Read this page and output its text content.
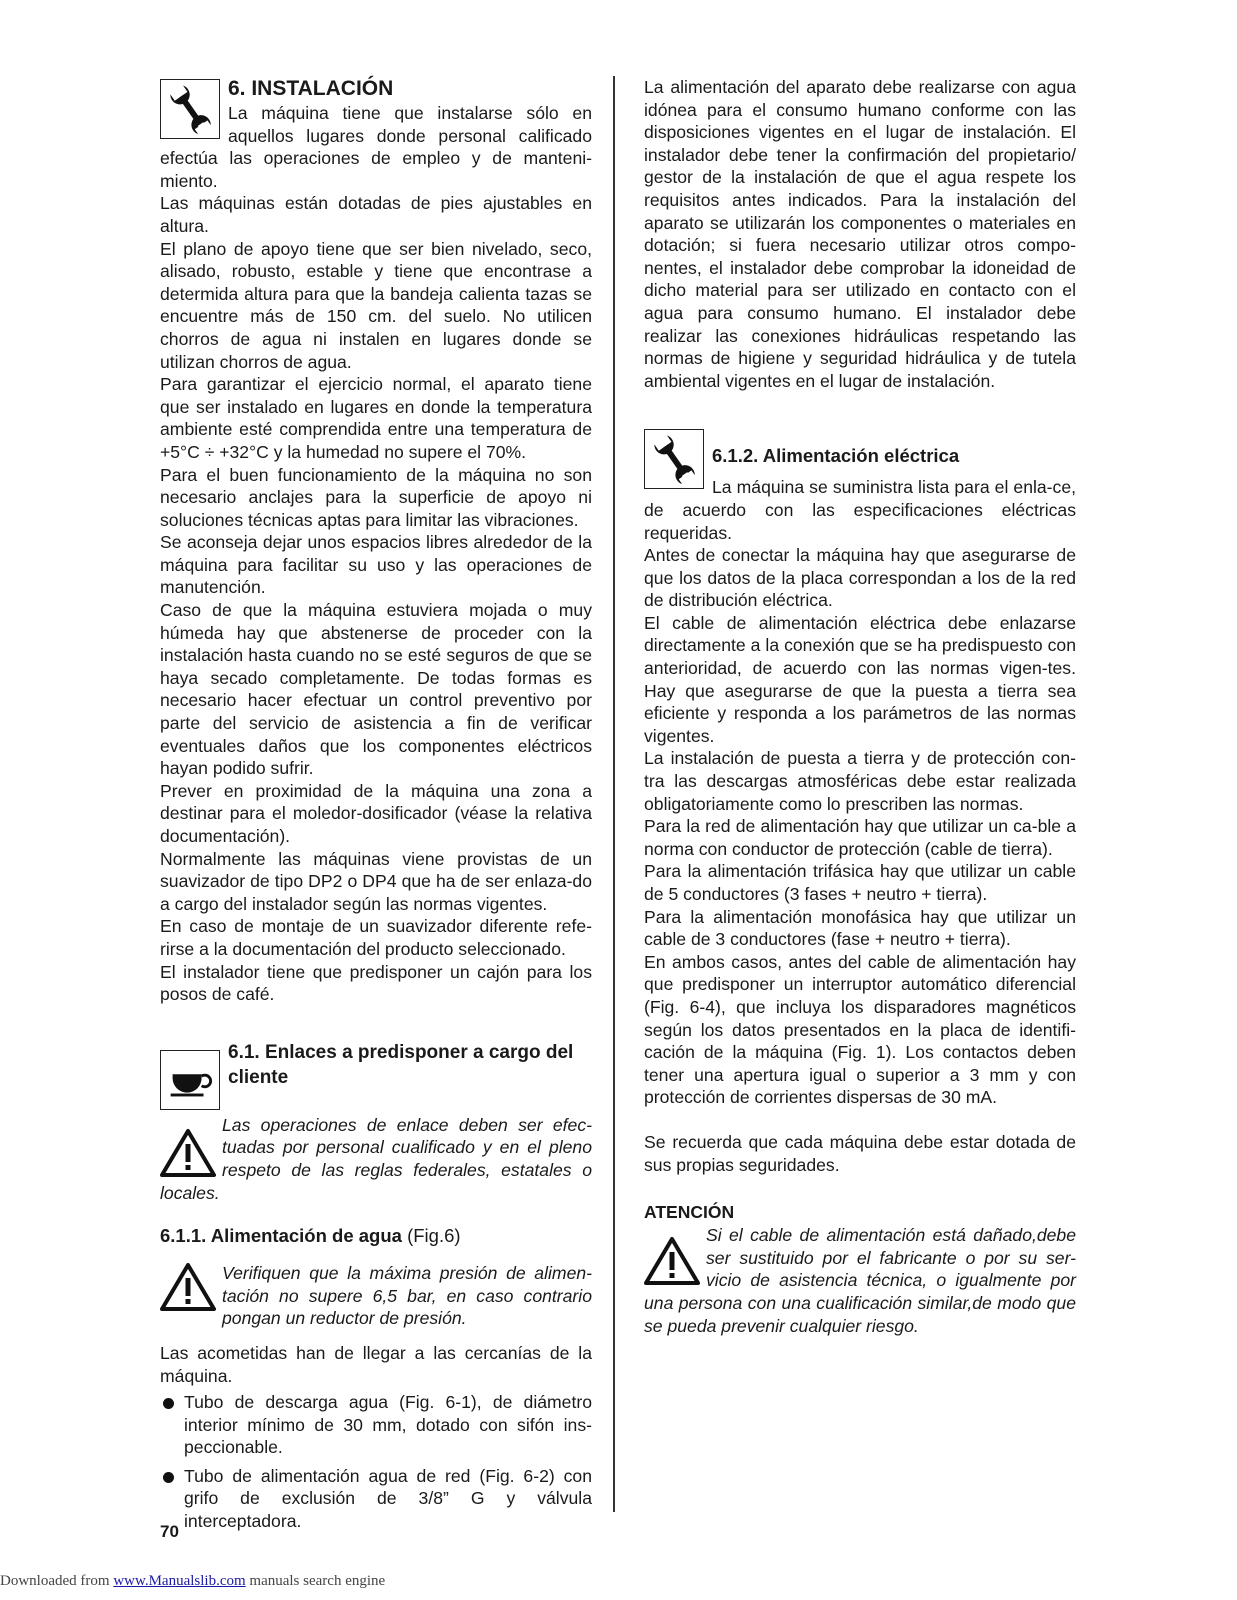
6. INSTALACIÓN

La máquina tiene que instalarse sólo en aquellos lugares donde personal calificado efectúa las operaciones de empleo y de manteni-miento.

Las máquinas están dotadas de pies ajustables en altura.

El plano de apoyo tiene que ser bien nivelado, seco, alisado, robusto, estable y tiene que encontrase a determida altura para que la bandeja calienta tazas se encuentre más de 150 cm. del suelo. No utilicen chorros de agua ni instalen en lugares donde se utilizan chorros de agua.

Para garantizar el ejercicio normal, el aparato tiene que ser instalado en lugares en donde la temperatura ambiente esté comprendida entre una temperatura de +5°C ÷ +32°C y la humedad no supere el 70%.

Para el buen funcionamiento de la máquina no son necesario anclajes para la superficie de apoyo ni soluciones técnicas aptas para limitar las vibraciones.

Se aconseja dejar unos espacios libres alrededor de la máquina para facilitar su uso y las operaciones de manutención.

Caso de que la máquina estuviera mojada o muy húmeda hay que abstenerse de proceder con la instalación hasta cuando no se esté seguros de que se haya secado completamente. De todas formas es necesario hacer efectuar un control preventivo por parte del servicio de asistencia a fin de verificar eventuales daños que los componentes eléctricos hayan podido sufrir.

Prever en proximidad de la máquina una zona a destinar para el moledor-dosificador (véase la relativa documentación).

Normalmente las máquinas viene provistas de un suavizador de tipo DP2 o DP4 que ha de ser enlaza-do a cargo del instalador según las normas vigentes.

En caso de montaje de un suavizador diferente refe-rirse a la documentación del producto seleccionado.

El instalador tiene que predisponer un cajón para los posos de café.

6.1. Enlaces a predisponer a cargo del cliente

Las operaciones de enlace deben ser efec-tuadas por personal cualificado y en el pleno respeto de las reglas federales, estatales o locales.

6.1.1. Alimentación de agua (Fig.6)

Verifiquen que la máxima presión de alimen-tación no supere 6,5 bar, en caso contrario pongan un reductor de presión.

Las acometidas han de llegar a las cercanías de la máquina.

Tubo de descarga agua (Fig. 6-1), de diámetro interior mínimo de 30 mm, dotado con sifón ins-peccionable.

Tubo de alimentación agua de red (Fig. 6-2) con grifo de exclusión de 3/8” G y válvula interceptadora.

La alimentación del aparato debe realizarse con agua idónea para el consumo humano conforme con las disposiciones vigentes en el lugar de instalación. El instalador debe tener la confirmación del propietario/ gestor de la instalación de que el agua respete los requisitos antes indicados. Para la instalación del aparato se utilizarán los componentes o materiales en dotación; si fuera necesario utilizar otros compo-nentes, el instalador debe comprobar la idoneidad de dicho material para ser utilizado en contacto con el agua para consumo humano. El instalador debe realizar las conexiones hidráulicas respetando las normas de higiene y seguridad hidráulica y de tutela ambiental vigentes en el lugar de instalación.

6.1.2. Alimentación eléctrica

La máquina se suministra lista para el enla-ce, de acuerdo con las especificaciones eléctricas requeridas.

Antes de conectar la máquina hay que asegurarse de que los datos de la placa correspondan a los de la red de distribución eléctrica.

El cable de alimentación eléctrica debe enlazarse directamente a la conexión que se ha predispuesto con anterioridad, de acuerdo con las normas vigen-tes. Hay que asegurarse de que la puesta a tierra sea eficiente y responda a los parámetros de las normas vigentes.

La instalación de puesta a tierra y de protección con-tra las descargas atmosféricas debe estar realizada obligatoriamente como lo prescriben las normas.

Para la red de alimentación hay que utilizar un ca-ble a norma con conductor de protección (cable de tierra).

Para la alimentación trifásica hay que utilizar un cable de 5 conductores (3 fases + neutro + tierra).

Para la alimentación monofásica hay que utilizar un cable de 3 conductores (fase + neutro + tierra).

En ambos casos, antes del cable de alimentación hay que predisponer un interruptor automático diferencial (Fig. 6-4), que incluya los disparadores magnéticos según los datos presentados en la placa de identifi-cación de la máquina (Fig. 1). Los contactos deben tener una apertura igual o superior a 3 mm y con protección de corrientes dispersas de 30 mA.

Se recuerda que cada máquina debe estar dotada de sus propias seguridades.

ATENCIÓN

Si el cable de alimentación está dañado,debe ser sustituido por el fabricante o por su ser-vicio de asistencia técnica, o igualmente por una persona con una cualificación similar,de modo que se pueda prevenir cualquier riesgo.

70
Downloaded from www.Manualslib.com manuals search engine
